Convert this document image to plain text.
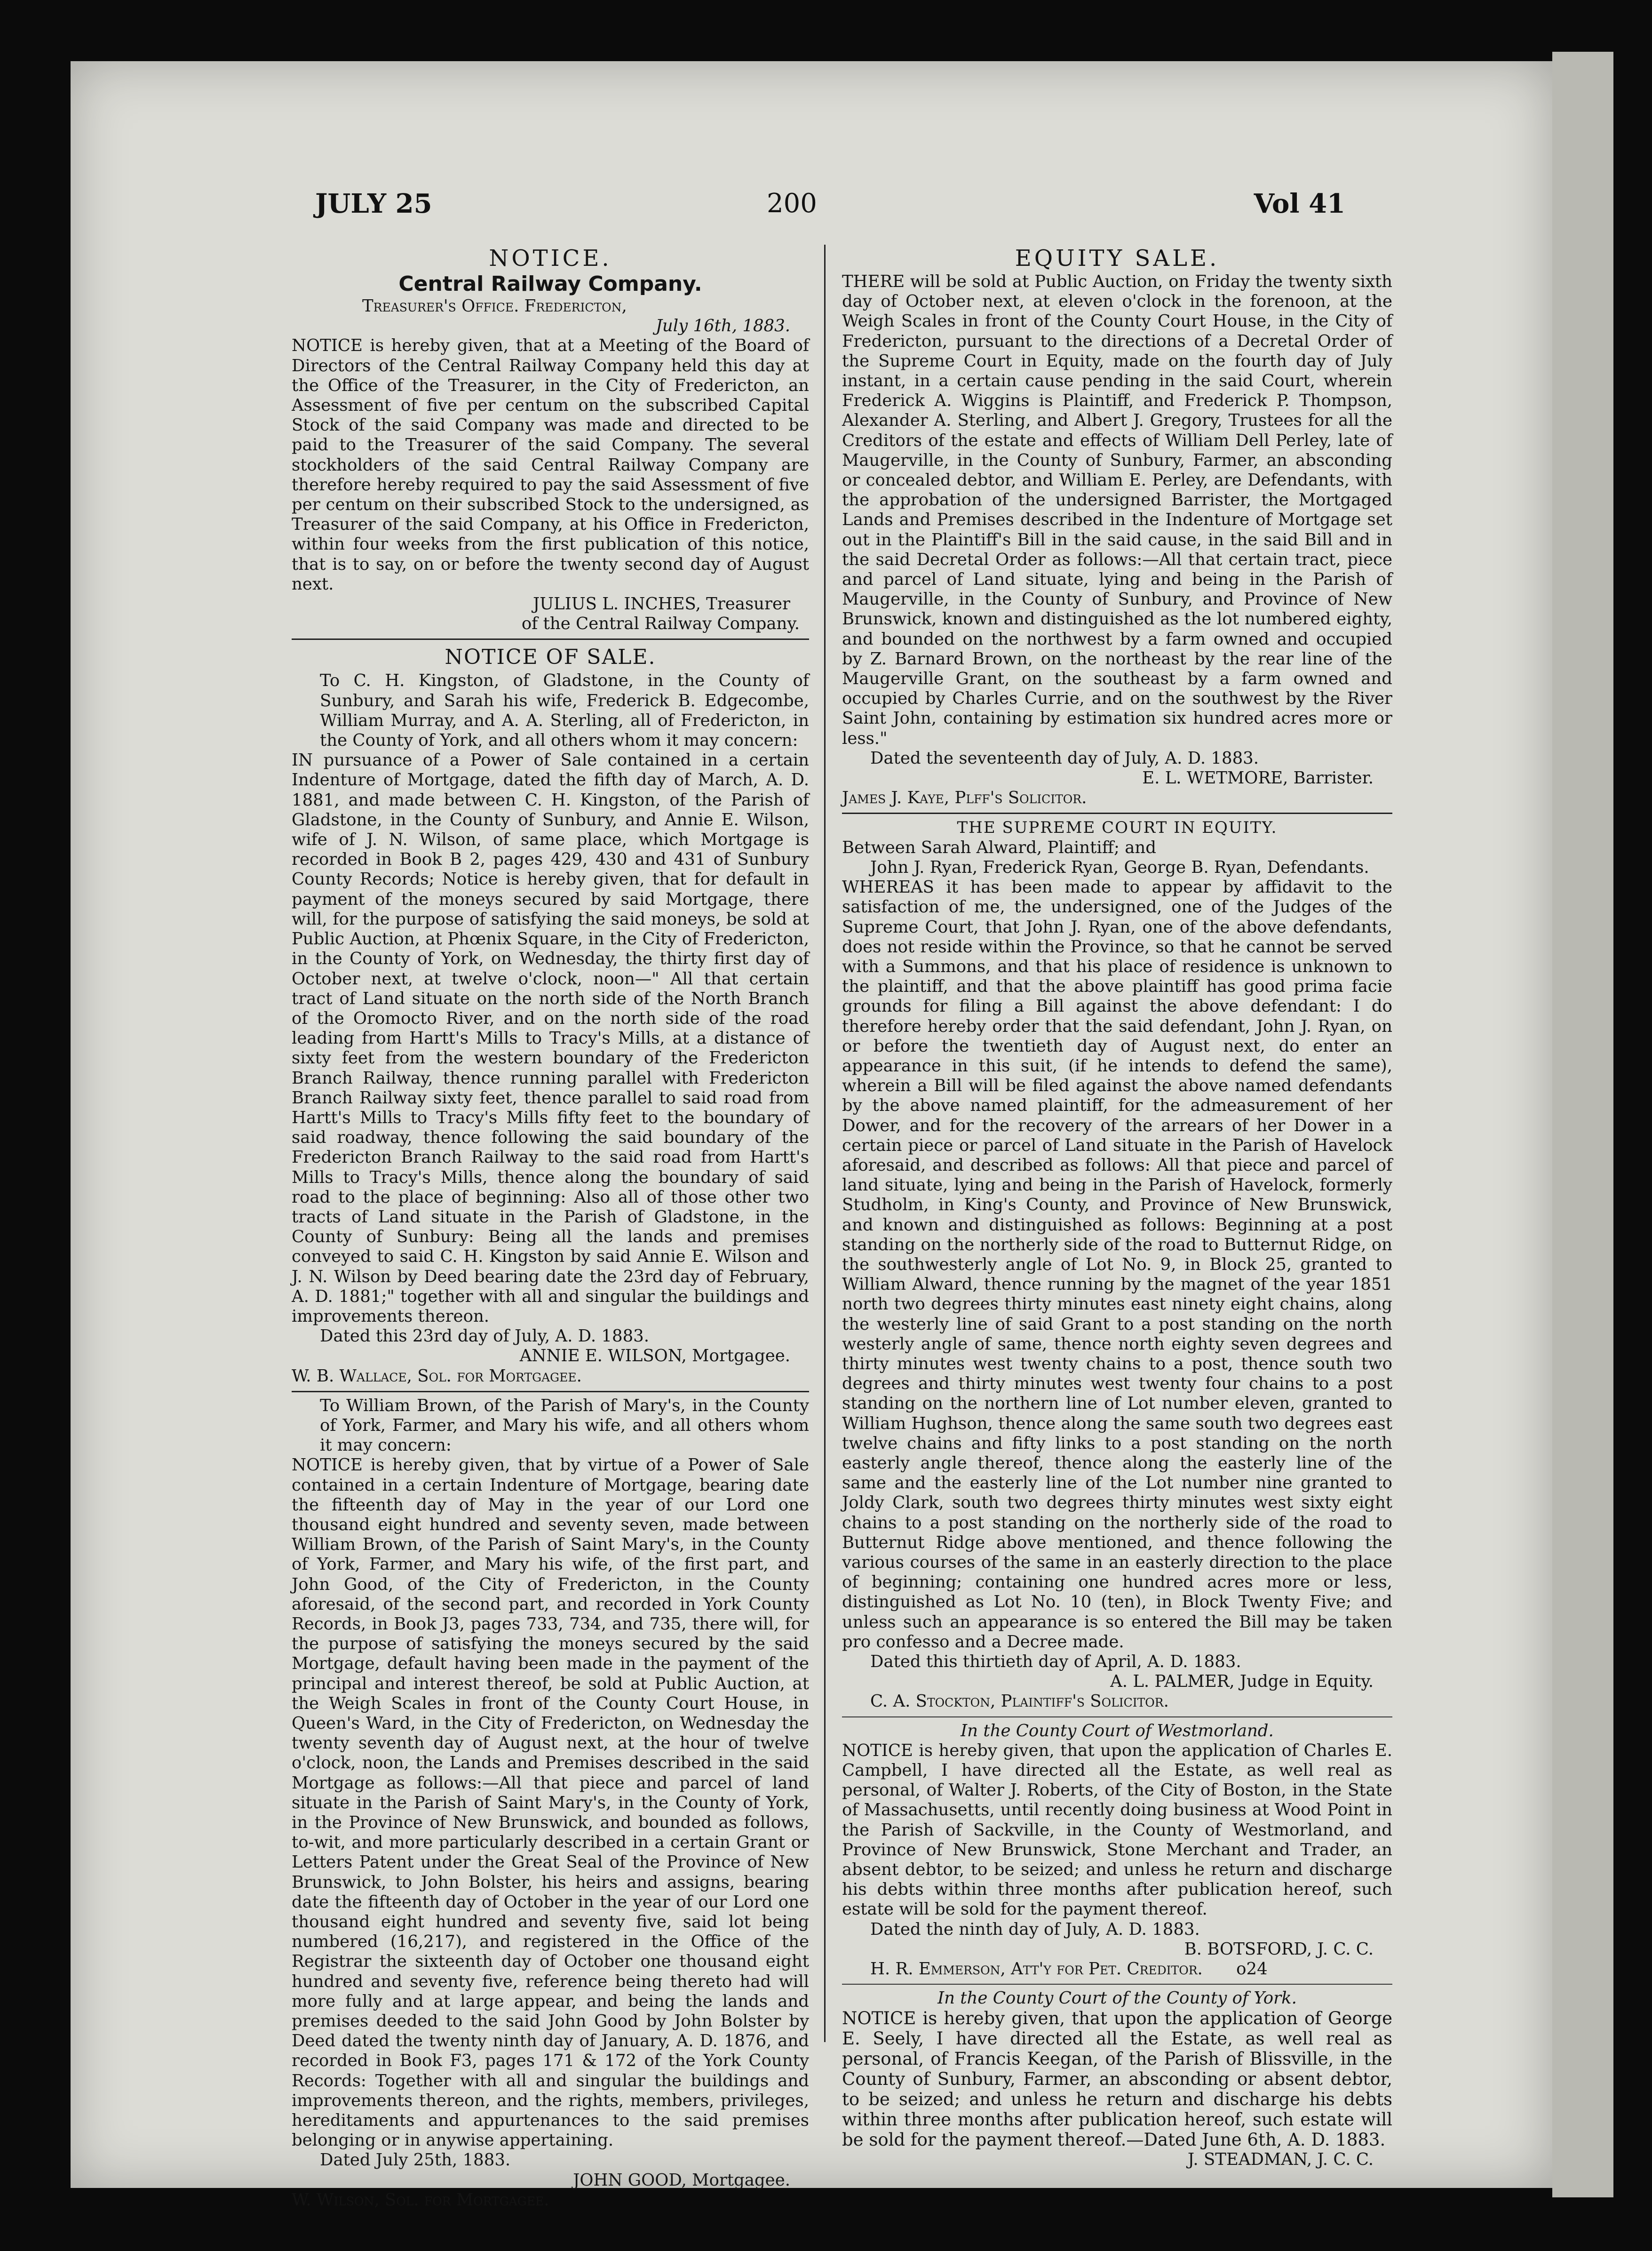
JULY 25	200	Vol 41

NOTICE.

Central Railway Company.

Treasurer's Office. Fredericton,

July 16th, 1883.

NOTICE is hereby given, that at a Meeting of the Board of Directors of the Central Railway Company held this day at the Office of the Treasurer, in the City of Fredericton, an Assessment of five per centum on the subscribed Capital Stock of the said Company was made and directed to be paid to the Treasurer of the said Company. The several stockholders of the said Central Railway Company are therefore hereby required to pay the said Assessment of five per centum on their subscribed Stock to the undersigned, as Treasurer of the said Company, at his Office in Fredericton, within four weeks from the first publication of this notice, that is to say, on or before the twenty second day of August next.

JULIUS L. INCHES, Treasurer

of the Central Railway Company.

NOTICE OF SALE.

To C. H. Kingston, of Gladstone, in the County of Sunbury, and Sarah his wife, Frederick B. Edgecombe, William Murray, and A. A. Sterling, all of Fredericton, in the County of York, and all others whom it may concern:

IN pursuance of a Power of Sale contained in a certain Indenture of Mortgage, dated the fifth day of March, A. D. 1881, and made between C. H. Kingston, of the Parish of Gladstone, in the County of Sunbury, and Annie E. Wilson, wife of J. N. Wilson, of same place, which Mortgage is recorded in Book B 2, pages 429, 430 and 431 of Sunbury County Records; Notice is hereby given, that for default in payment of the moneys secured by said Mortgage, there will, for the purpose of satisfying the said moneys, be sold at Public Auction, at Phœnix Square, in the City of Fredericton, in the County of York, on Wednesday, the thirty first day of October next, at twelve o'clock, noon—" All that certain tract of Land situate on the north side of the North Branch of the Oromocto River, and on the north side of the road leading from Hartt's Mills to Tracy's Mills, at a distance of sixty feet from the western boundary of the Fredericton Branch Railway, thence running parallel with Fredericton Branch Railway sixty feet, thence parallel to said road from Hartt's Mills to Tracy's Mills fifty feet to the boundary of said roadway, thence following the said boundary of the Fredericton Branch Railway to the said road from Hartt's Mills to Tracy's Mills, thence along the boundary of said road to the place of beginning: Also all of those other two tracts of Land situate in the Parish of Gladstone, in the County of Sunbury: Being all the lands and premises conveyed to said C. H. Kingston by said Annie E. Wilson and J. N. Wilson by Deed bearing date the 23rd day of February, A. D. 1881;" together with all and singular the buildings and improvements thereon.

Dated this 23rd day of July, A. D. 1883.

ANNIE E. WILSON, Mortgagee.

W. B. Wallace, Sol. for Mortgagee.

To William Brown, of the Parish of Mary's, in the County of York, Farmer, and Mary his wife, and all others whom it may concern:

NOTICE is hereby given, that by virtue of a Power of Sale contained in a certain Indenture of Mortgage, bearing date the fifteenth day of May in the year of our Lord one thousand eight hundred and seventy seven, made between William Brown, of the Parish of Saint Mary's, in the County of York, Farmer, and Mary his wife, of the first part, and John Good, of the City of Fredericton, in the County aforesaid, of the second part, and recorded in York County Records, in Book J3, pages 733, 734, and 735, there will, for the purpose of satisfying the moneys secured by the said Mortgage, default having been made in the payment of the principal and interest thereof, be sold at Public Auction, at the Weigh Scales in front of the County Court House, in Queen's Ward, in the City of Fredericton, on Wednesday the twenty seventh day of August next, at the hour of twelve o'clock, noon, the Lands and Premises described in the said Mortgage as follows:—All that piece and parcel of land situate in the Parish of Saint Mary's, in the County of York, in the Province of New Brunswick, and bounded as follows, to-wit, and more particularly described in a certain Grant or Letters Patent under the Great Seal of the Province of New Brunswick, to John Bolster, his heirs and assigns, bearing date the fifteenth day of October in the year of our Lord one thousand eight hundred and seventy five, said lot being numbered (16,217), and registered in the Office of the Registrar the sixteenth day of October one thousand eight hundred and seventy five, reference being thereto had will more fully and at large appear, and being the lands and premises deeded to the said John Good by John Bolster by Deed dated the twenty ninth day of January, A. D. 1876, and recorded in Book F3, pages 171 & 172 of the York County Records: Together with all and singular the buildings and improvements thereon, and the rights, members, privileges, hereditaments and appurtenances to the said premises belonging or in anywise appertaining.

Dated July 25th, 1883.

JOHN GOOD, Mortgagee.

W. Wilson, Sol. for Mortgagee.

EQUITY SALE.

THERE will be sold at Public Auction, on Friday the twenty sixth day of October next, at eleven o'clock in the forenoon, at the Weigh Scales in front of the County Court House, in the City of Fredericton, pursuant to the directions of a Decretal Order of the Supreme Court in Equity, made on the fourth day of July instant, in a certain cause pending in the said Court, wherein Frederick A. Wiggins is Plaintiff, and Frederick P. Thompson, Alexander A. Sterling, and Albert J. Gregory, Trustees for all the Creditors of the estate and effects of William Dell Perley, late of Maugerville, in the County of Sunbury, Farmer, an absconding or concealed debtor, and William E. Perley, are Defendants, with the approbation of the undersigned Barrister, the Mortgaged Lands and Premises described in the Indenture of Mortgage set out in the Plaintiff's Bill in the said cause, in the said Bill and in the said Decretal Order as follows:—All that certain tract, piece and parcel of Land situate, lying and being in the Parish of Maugerville, in the County of Sunbury, and Province of New Brunswick, known and distinguished as the lot numbered eighty, and bounded on the northwest by a farm owned and occupied by Z. Barnard Brown, on the northeast by the rear line of the Maugerville Grant, on the southeast by a farm owned and occupied by Charles Currie, and on the southwest by the River Saint John, containing by estimation six hundred acres more or less."

Dated the seventeenth day of July, A. D. 1883.

E. L. WETMORE, Barrister.

James J. Kaye, Plff's Solicitor.

THE SUPREME COURT IN EQUITY.

Between Sarah Alward, Plaintiff; and

John J. Ryan, Frederick Ryan, George B. Ryan, Defendants.

WHEREAS it has been made to appear by affidavit to the satisfaction of me, the undersigned, one of the Judges of the Supreme Court, that John J. Ryan, one of the above defendants, does not reside within the Province, so that he cannot be served with a Summons, and that his place of residence is unknown to the plaintiff, and that the above plaintiff has good prima facie grounds for filing a Bill against the above defendant: I do therefore hereby order that the said defendant, John J. Ryan, on or before the twentieth day of August next, do enter an appearance in this suit, (if he intends to defend the same), wherein a Bill will be filed against the above named defendants by the above named plaintiff, for the admeasurement of her Dower, and for the recovery of the arrears of her Dower in a certain piece or parcel of Land situate in the Parish of Havelock aforesaid, and described as follows: All that piece and parcel of land situate, lying and being in the Parish of Havelock, formerly Studholm, in King's County, and Province of New Brunswick, and known and distinguished as follows: Beginning at a post standing on the northerly side of the road to Butternut Ridge, on the southwesterly angle of Lot No. 9, in Block 25, granted to William Alward, thence running by the magnet of the year 1851 north two degrees thirty minutes east ninety eight chains, along the westerly line of said Grant to a post standing on the north westerly angle of same, thence north eighty seven degrees and thirty minutes west twenty chains to a post, thence south two degrees and thirty minutes west twenty four chains to a post standing on the northern line of Lot number eleven, granted to William Hughson, thence along the same south two degrees east twelve chains and fifty links to a post standing on the north easterly angle thereof, thence along the easterly line of the same and the easterly line of the Lot number nine granted to Joldy Clark, south two degrees thirty minutes west sixty eight chains to a post standing on the northerly side of the road to Butternut Ridge above mentioned, and thence following the various courses of the same in an easterly direction to the place of beginning; containing one hundred acres more or less, distinguished as Lot No. 10 (ten), in Block Twenty Five; and unless such an appearance is so entered the Bill may be taken pro confesso and a Decree made.

Dated this thirtieth day of April, A. D. 1883.

A. L. PALMER, Judge in Equity.

C. A. Stockton, Plaintiff's Solicitor.

In the County Court of Westmorland.

NOTICE is hereby given, that upon the application of Charles E. Campbell, I have directed all the Estate, as well real as personal, of Walter J. Roberts, of the City of Boston, in the State of Massachusetts, until recently doing business at Wood Point in the Parish of Sackville, in the County of Westmorland, and Province of New Brunswick, Stone Merchant and Trader, an absent debtor, to be seized; and unless he return and discharge his debts within three months after publication hereof, such estate will be sold for the payment thereof.

Dated the ninth day of July, A. D. 1883.

B. BOTSFORD, J. C. C.

H. R. Emmerson, Att'y for Pet. Creditor. o24

In the County Court of the County of York.

NOTICE is hereby given, that upon the application of George E. Seely, I have directed all the Estate, as well real as personal, of Francis Keegan, of the Parish of Blissville, in the County of Sunbury, Farmer, an absconding or absent debtor, to be seized; and unless he return and discharge his debts within three months after publication hereof, such estate will be sold for the payment thereof.—Dated June 6th, A. D. 1883.

J. STEADMAN, J. C. C.
